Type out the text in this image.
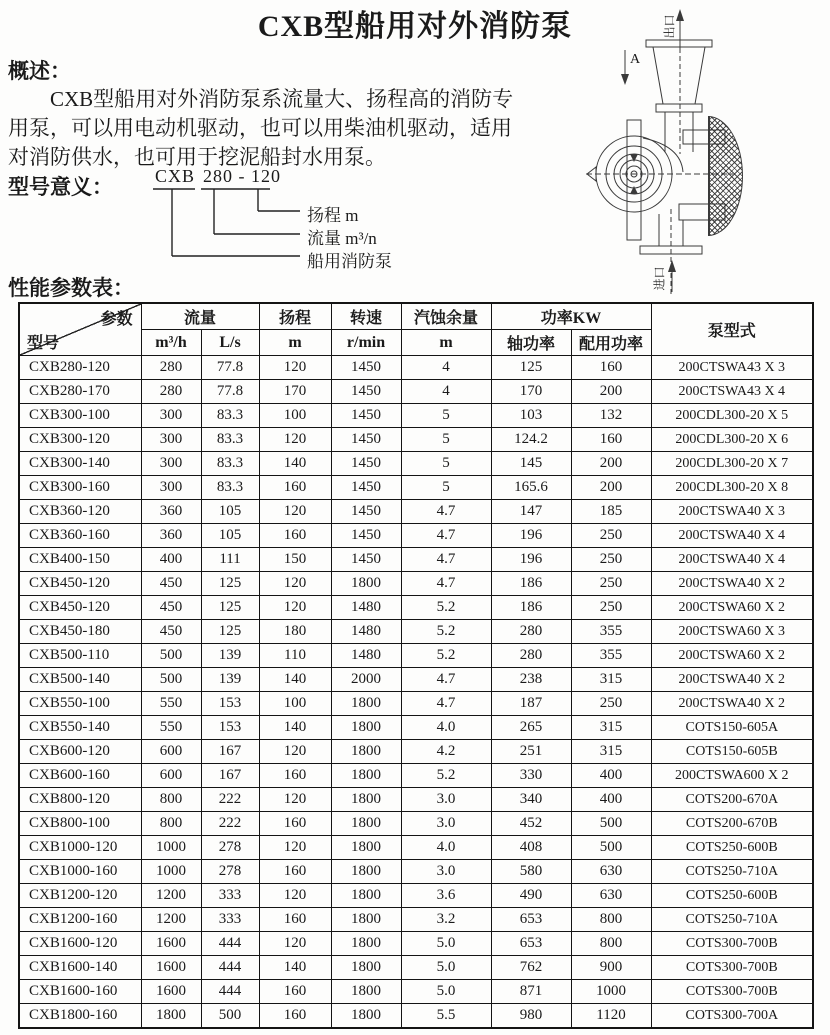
CXB型船用对外消防泵
概述：
CXB型船用对外消防泵系流量大、扬程高的消防专
用泵，可以用电动机驱动，也可以用柴油机驱动，适用
对消防供水，也可用于挖泥船封水用泵。
型号意义： CXB 280 - 120
扬程 m
流量 m³/n
船用消防泵
出口
进口
A
性能参数表：
参数
型号	流量		扬程	转速	汽蚀余量	功率KW		泵型式
	m³/h	L/s	m	r/min	m	轴功率	配用功率	
CXB280-120	280	77.8	120	1450	4	125	160	200CTSWA43 X 3
CXB280-170	280	77.8	170	1450	4	170	200	200CTSWA43 X 4
CXB300-100	300	83.3	100	1450	5	103	132	200CDL300-20 X 5
CXB300-120	300	83.3	120	1450	5	124.2	160	200CDL300-20 X 6
CXB300-140	300	83.3	140	1450	5	145	200	200CDL300-20 X 7
CXB300-160	300	83.3	160	1450	5	165.6	200	200CDL300-20 X 8
CXB360-120	360	105	120	1450	4.7	147	185	200CTSWA40 X 3
CXB360-160	360	105	160	1450	4.7	196	250	200CTSWA40 X 4
CXB400-150	400	111	150	1450	4.7	196	250	200CTSWA40 X 4
CXB450-120	450	125	120	1800	4.7	186	250	200CTSWA40 X 2
CXB450-120	450	125	120	1480	5.2	186	250	200CTSWA60 X 2
CXB450-180	450	125	180	1480	5.2	280	355	200CTSWA60 X 3
CXB500-110	500	139	110	1480	5.2	280	355	200CTSWA60 X 2
CXB500-140	500	139	140	2000	4.7	238	315	200CTSWA40 X 2
CXB550-100	550	153	100	1800	4.7	187	250	200CTSWA40 X 2
CXB550-140	550	153	140	1800	4.0	265	315	COTS150-605A
CXB600-120	600	167	120	1800	4.2	251	315	COTS150-605B
CXB600-160	600	167	160	1800	5.2	330	400	200CTSWA600 X 2
CXB800-120	800	222	120	1800	3.0	340	400	COTS200-670A
CXB800-100	800	222	160	1800	3.0	452	500	COTS200-670B
CXB1000-120	1000	278	120	1800	4.0	408	500	COTS250-600B
CXB1000-160	1000	278	160	1800	3.0	580	630	COTS250-710A
CXB1200-120	1200	333	120	1800	3.6	490	630	COTS250-600B
CXB1200-160	1200	333	160	1800	3.2	653	800	COTS250-710A
CXB1600-120	1600	444	120	1800	5.0	653	800	COTS300-700B
CXB1600-140	1600	444	140	1800	5.0	762	900	COTS300-700B
CXB1600-160	1600	444	160	1800	5.0	871	1000	COTS300-700B
CXB1800-160	1800	500	160	1800	5.5	980	1120	COTS300-700A
